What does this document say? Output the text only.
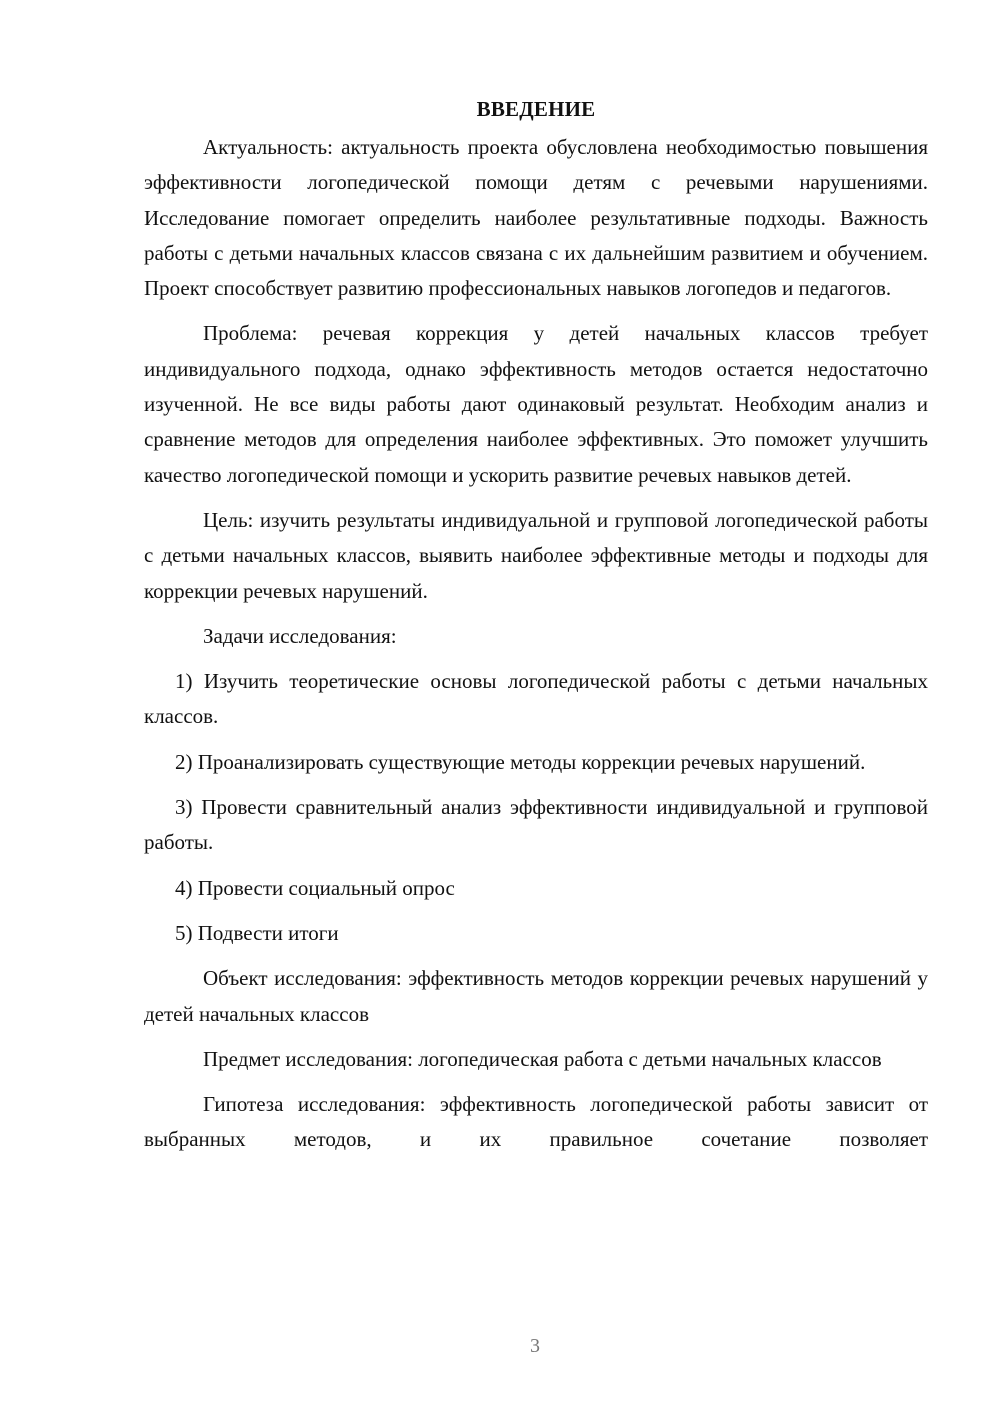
ВВЕДЕНИЕ

Актуальность: актуальность проекта обусловлена необходимостью повышения эффективности логопедической помощи детям с речевыми нарушениями. Исследование помогает определить наиболее результативные подходы. Важность работы с детьми начальных классов связана с их дальнейшим развитием и обучением. Проект способствует развитию профессиональных навыков логопедов и педагогов.

Проблема: речевая коррекция у детей начальных классов требует индивидуального подхода, однако эффективность методов остается недостаточно изученной. Не все виды работы дают одинаковый результат. Необходим анализ и сравнение методов для определения наиболее эффективных. Это поможет улучшить качество логопедической помощи и ускорить развитие речевых навыков детей.

Цель: изучить результаты индивидуальной и групповой логопедической работы с детьми начальных классов, выявить наиболее эффективные методы и подходы для коррекции речевых нарушений.

Задачи исследования:

1) Изучить теоретические основы логопедической работы с детьми начальных классов.

2) Проанализировать существующие методы коррекции речевых нарушений.

3) Провести сравнительный анализ эффективности индивидуальной и групповой работы.

4) Провести социальный опрос

5) Подвести итоги

Объект исследования: эффективность методов коррекции речевых нарушений у детей начальных классов

Предмет исследования: логопедическая работа с детьми начальных классов

Гипотеза исследования: эффективность логопедической работы зависит от выбранных методов, и их правильное сочетание позволяет

3
